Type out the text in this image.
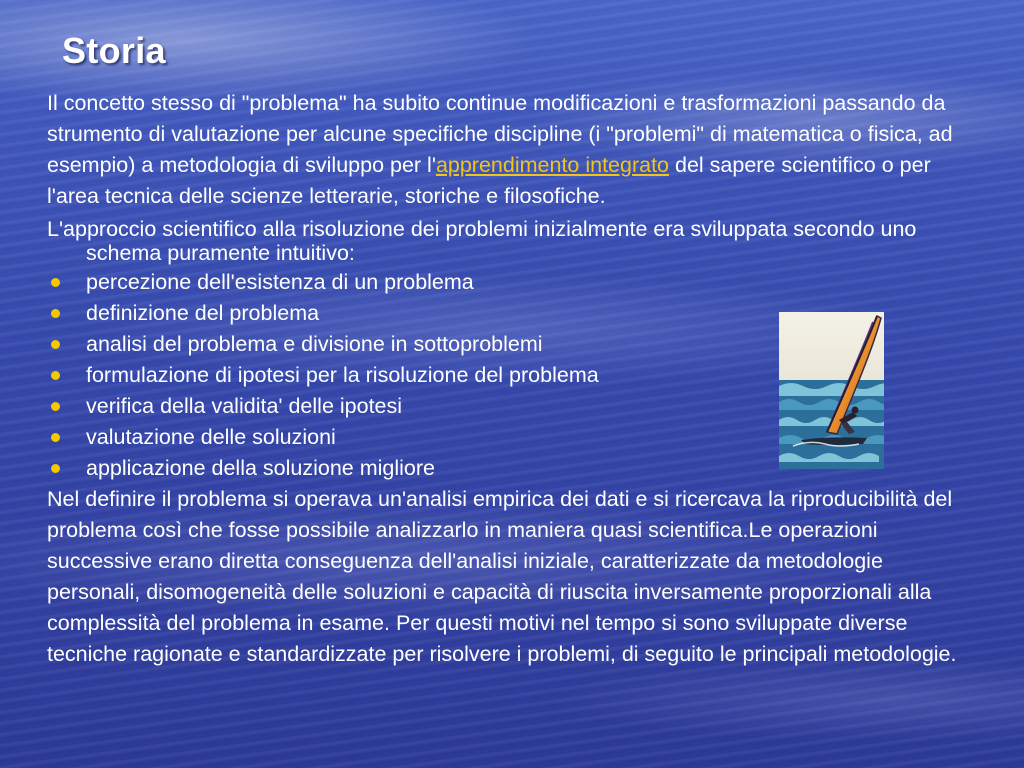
Storia

Il concetto stesso di "problema" ha subito continue modificazioni e trasformazioni passando da strumento di valutazione per alcune specifiche discipline (i "problemi" di matematica o fisica, ad esempio) a metodologia di sviluppo per l'apprendimento integrato del sapere scientifico o per l'area tecnica delle scienze letterarie, storiche e filosofiche.

L'approccio scientifico alla risoluzione dei problemi inizialmente era sviluppata secondo uno schema puramente intuitivo:

percezione dell'esistenza di un problema
definizione del problema
analisi del problema e divisione in sottoproblemi
formulazione di ipotesi per la risoluzione del problema
verifica della validita' delle ipotesi
valutazione delle soluzioni
applicazione della soluzione migliore

Nel definire il problema si operava un'analisi empirica dei dati e si ricercava la riproducibilità del problema così che fosse possibile analizzarlo in maniera quasi scientifica.Le operazioni successive erano diretta conseguenza dell'analisi iniziale, caratterizzate da metodologie personali, disomogeneità delle soluzioni e capacità di riuscita inversamente proporzionali alla complessità del problema in esame. Per questi motivi nel tempo si sono sviluppate diverse tecniche ragionate e standardizzate per risolvere i problemi, di seguito le principali metodologie.
